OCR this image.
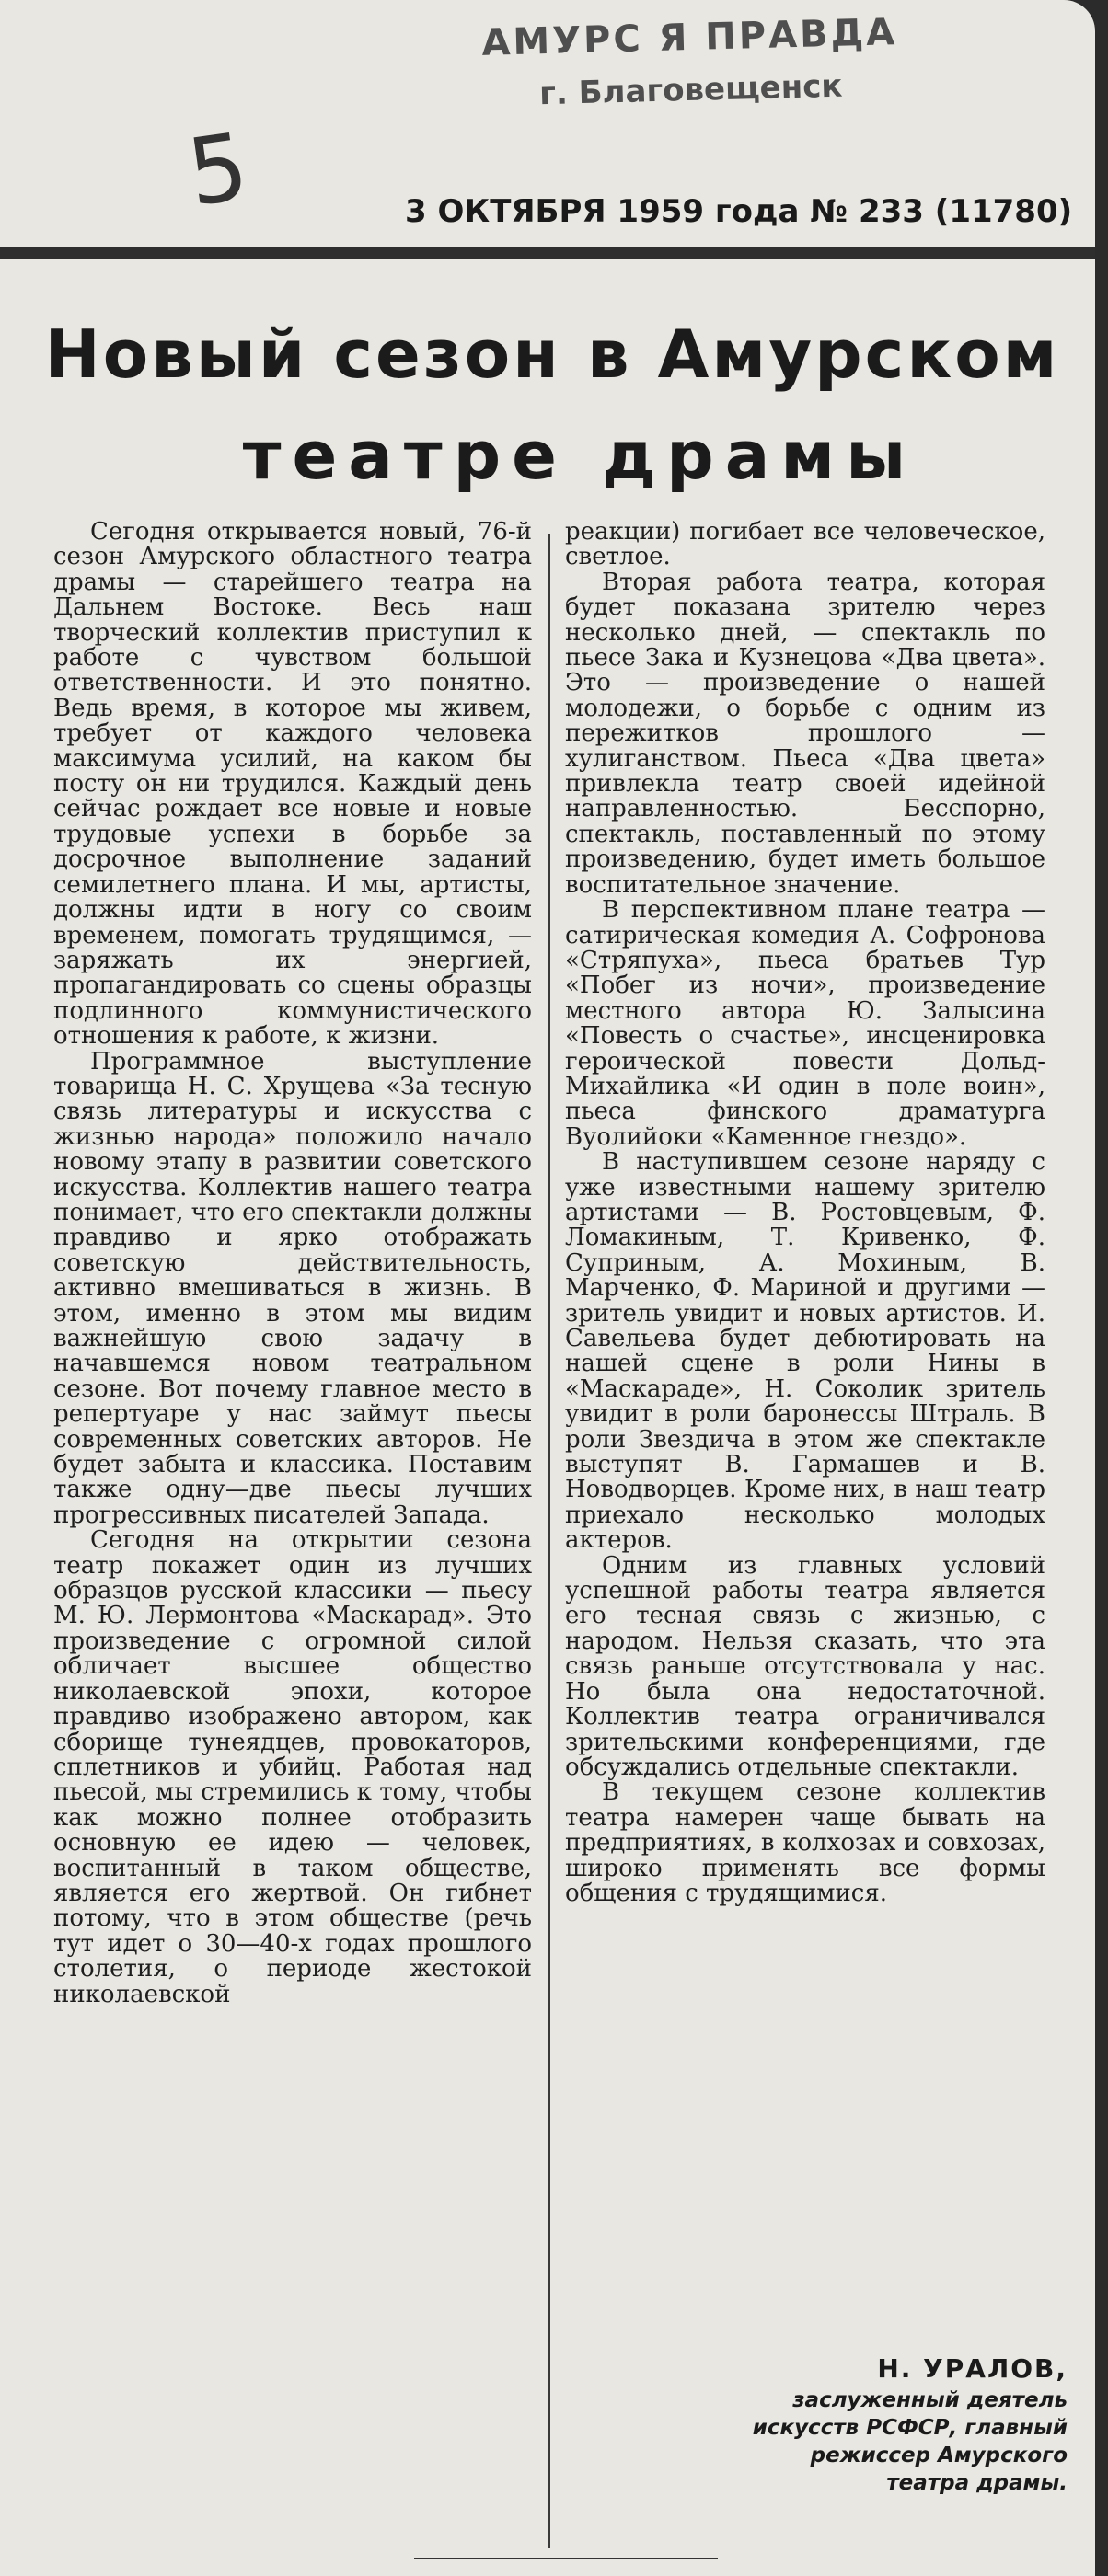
АМУРС Я ПРАВДА
г. Благовещенск
5	3 ОКТЯБРЯ 1959 года № 233 (11780)
Новый сезон в Амурском
театре драмы

Сегодня открывается новый, 76-й сезон Амурского областного театра драмы — старейшего театра на Дальнем Востоке. Весь наш творческий коллектив приступил к работе с чувством большой ответственности. И это понятно. Ведь время, в которое мы живем, требует от каждого человека максимума усилий, на каком бы посту он ни трудился. Каждый день сейчас рождает все новые и новые трудовые успехи в борьбе за досрочное выполнение заданий семилетнего плана. И мы, артисты, должны идти в ногу со своим временем, помогать трудящимся, — заряжать их энергией, пропагандировать со сцены образцы подлинного коммунистического отношения к работе, к жизни.

Программное выступление товарища Н. С. Хрущева «За тесную связь литературы и искусства с жизнью народа» положило начало новому этапу в развитии советского искусства. Коллектив нашего театра понимает, что его спектакли должны правдиво и ярко отображать советскую действительность, активно вмешиваться в жизнь. В этом, именно в этом мы видим важнейшую свою задачу в начавшемся новом театральном сезоне. Вот почему главное место в репертуаре у нас займут пьесы современных советских авторов. Не будет забыта и классика. Поставим также одну—две пьесы лучших прогрессивных писателей Запада.

Сегодня на открытии сезона театр покажет один из лучших образцов русской классики — пьесу М. Ю. Лермонтова «Маскарад». Это произведение с огромной силой обличает высшее общество николаевской эпохи, которое правдиво изображено автором, как сборище тунеядцев, провокаторов, сплетников и убийц. Работая над пьесой, мы стремились к тому, чтобы как можно полнее отобразить основную ее идею — человек, воспитанный в таком обществе, является его жертвой. Он гибнет потому, что в этом обществе (речь тут идет о 30—40-х годах прошлого столетия, о периоде жестокой николаевской

реакции) погибает все человеческое, светлое.

Вторая работа театра, которая будет показана зрителю через несколько дней, — спектакль по пьесе Зака и Кузнецова «Два цвета». Это — произведение о нашей молодежи, о борьбе с одним из пережитков прошлого — хулиганством. Пьеса «Два цвета» привлекла театр своей идейной направленностью. Бесспорно, спектакль, поставленный по этому произведению, будет иметь большое воспитательное значение.

В перспективном плане театра — сатирическая комедия А. Софронова «Стряпуха», пьеса братьев Тур «Побег из ночи», произведение местного автора Ю. Залысина «Повесть о счастье», инсценировка героической повести Дольд-Михайлика «И один в поле воин», пьеса финского драматурга Вуолийоки «Каменное гнездо».

В наступившем сезоне наряду с уже известными нашему зрителю артистами — В. Ростовцевым, Ф. Ломакиным, Т. Кривенко, Ф. Суприным, А. Мохиным, В. Марченко, Ф. Мариной и другими — зритель увидит и новых артистов. И. Савельева будет дебютировать на нашей сцене в роли Нины в «Маскараде», Н. Соколик зритель увидит в роли баронессы Штраль. В роли Звездича в этом же спектакле выступят В. Гармашев и В. Новодворцев. Кроме них, в наш театр приехало несколько молодых актеров.

Одним из главных условий успешной работы театра является его тесная связь с жизнью, с народом. Нельзя сказать, что эта связь раньше отсутствовала у нас. Но была она недостаточной. Коллектив театра ограничивался зрительскими конференциями, где обсуждались отдельные спектакли.

В текущем сезоне коллектив театра намерен чаще бывать на предприятиях, в колхозах и совхозах, широко применять все формы общения с трудящимися.

Н. УРАЛОВ,
заслуженный деятель
искусств РСФСР, главный
режиссер Амурского
театра драмы.
